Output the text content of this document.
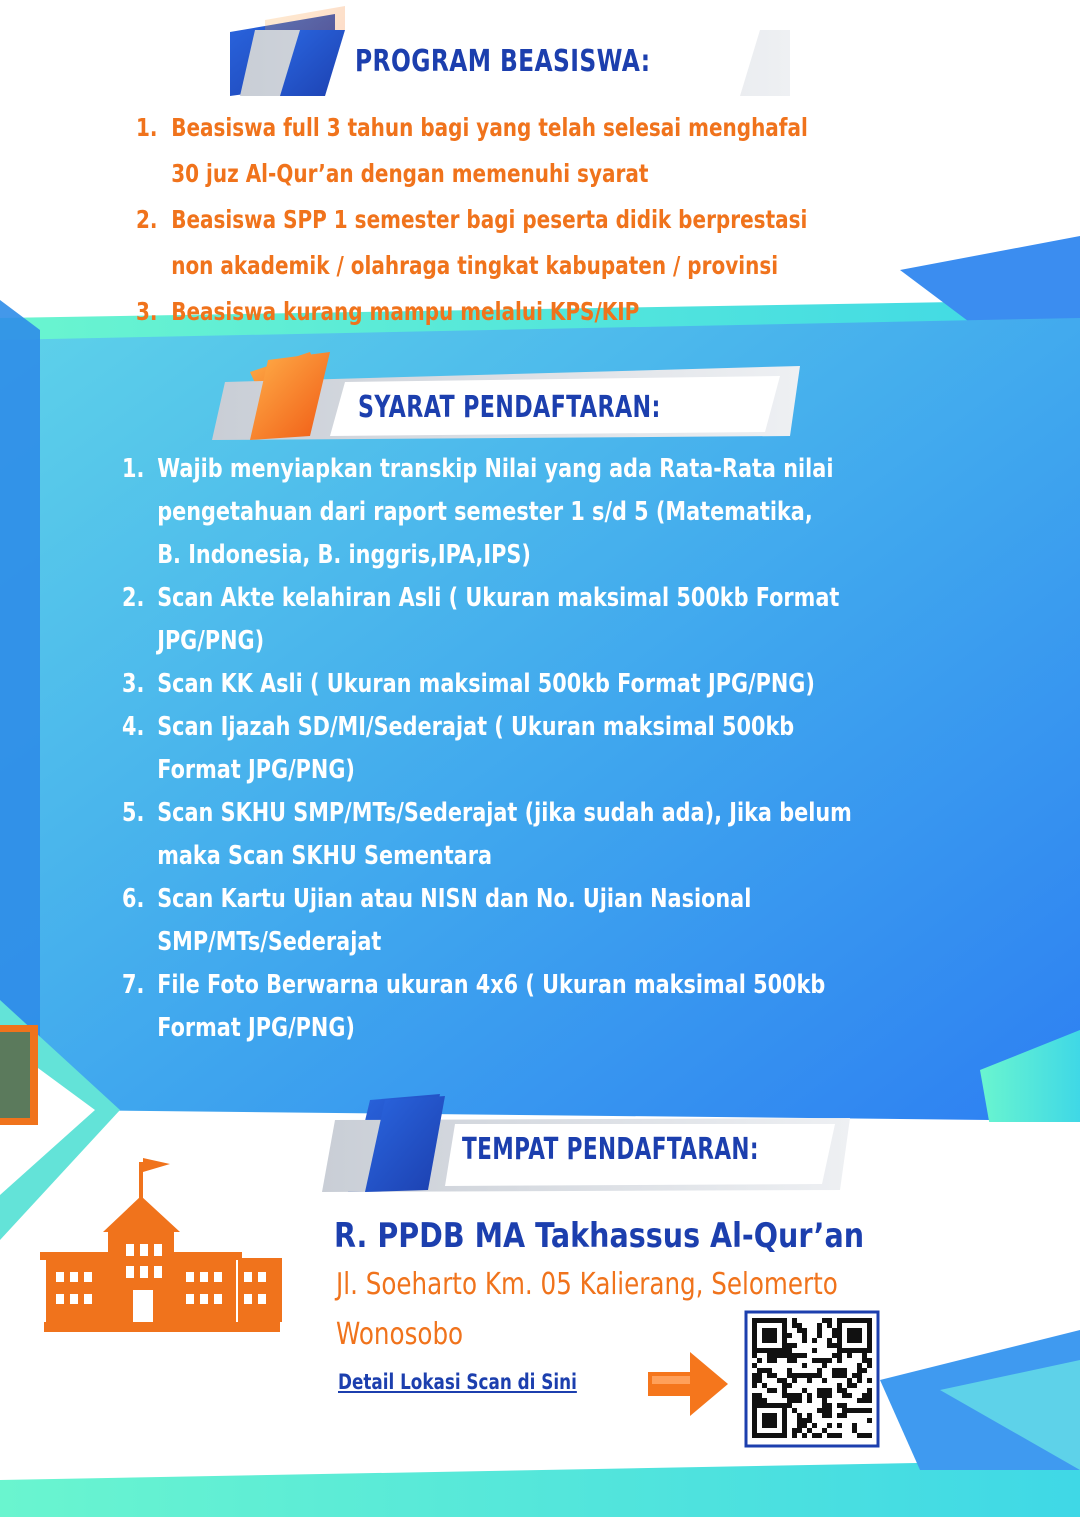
PROGRAM BEASISWA:
SYARAT PENDAFTARAN:
TEMPAT PENDAFTARAN:
1. Beasiswa full 3 tahun bagi yang telah selesai menghafal
30 juz Al-Qur’an dengan memenuhi syarat
2. Beasiswa SPP 1 semester bagi peserta didik berprestasi
non akademik / olahraga tingkat kabupaten / provinsi
3. Beasiswa kurang mampu melalui KPS/KIP
1. Wajib menyiapkan transkip Nilai yang ada Rata-Rata nilai
pengetahuan dari raport semester 1 s/d 5 (Matematika,
B. Indonesia, B. inggris,IPA,IPS)
2. Scan Akte kelahiran Asli ( Ukuran maksimal 500kb Format
JPG/PNG)
3. Scan KK Asli ( Ukuran maksimal 500kb Format JPG/PNG)
4. Scan Ijazah SD/MI/Sederajat ( Ukuran maksimal 500kb
Format JPG/PNG)
5. Scan SKHU SMP/MTs/Sederajat (jika sudah ada), Jika belum
maka Scan SKHU Sementara
6. Scan Kartu Ujian atau NISN dan No. Ujian Nasional
SMP/MTs/Sederajat
7. File Foto Berwarna ukuran 4x6 ( Ukuran maksimal 500kb
Format JPG/PNG)
R. PPDB MA Takhassus Al-Qur’an
Jl. Soeharto Km. 05 Kalierang, Selomerto
Wonosobo
Detail Lokasi Scan di Sini
